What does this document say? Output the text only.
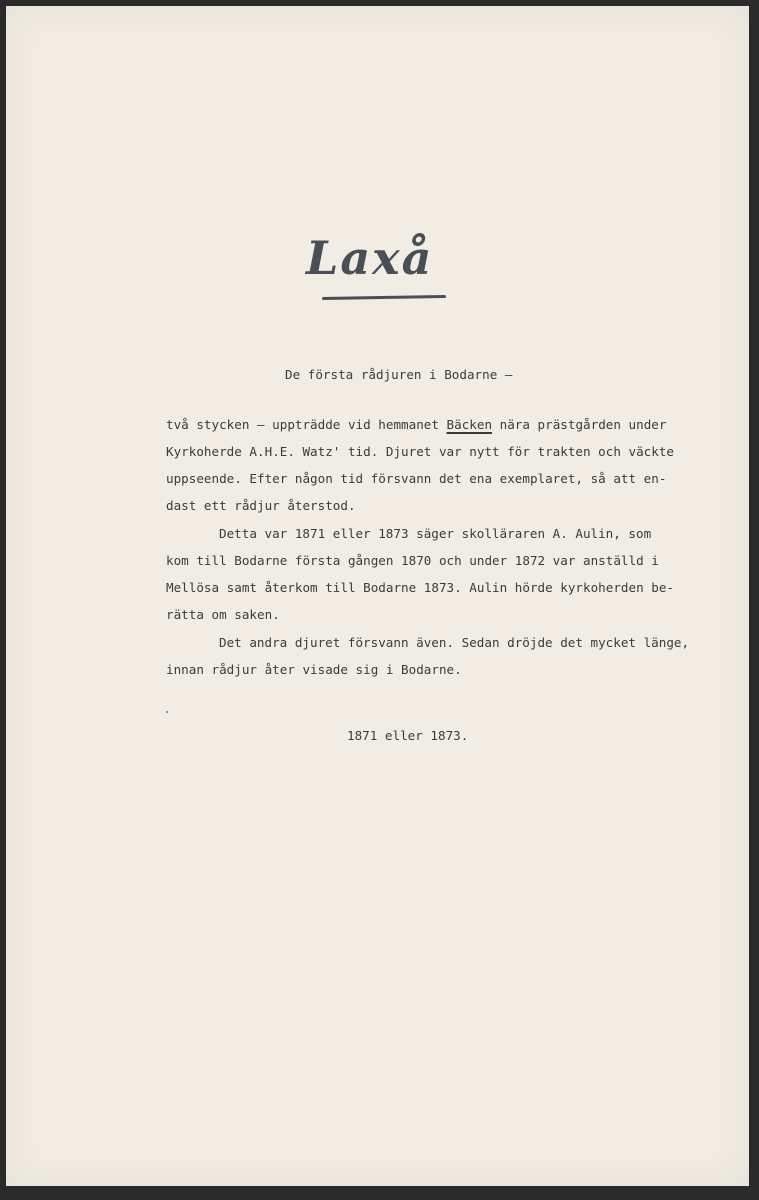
Laxå

De första rådjuren i Bodarne –

två stycken – uppträdde vid hemmanet Bäcken nära prästgården under
Kyrkoherde A.H.E. Watz' tid. Djuret var nytt för trakten och väckte
uppseende. Efter någon tid försvann det ena exemplaret, så att en-
dast ett rådjur återstod.

Detta var 1871 eller 1873 säger skolläraren A. Aulin, som
kom till Bodarne första gången 1870 och under 1872 var anställd i
Mellösa samt återkom till Bodarne 1873. Aulin hörde kyrkoherden be-
rätta om saken.

Det andra djuret försvann även. Sedan dröjde det mycket länge,
innan rådjur åter visade sig i Bodarne.

1871 eller 1873.
